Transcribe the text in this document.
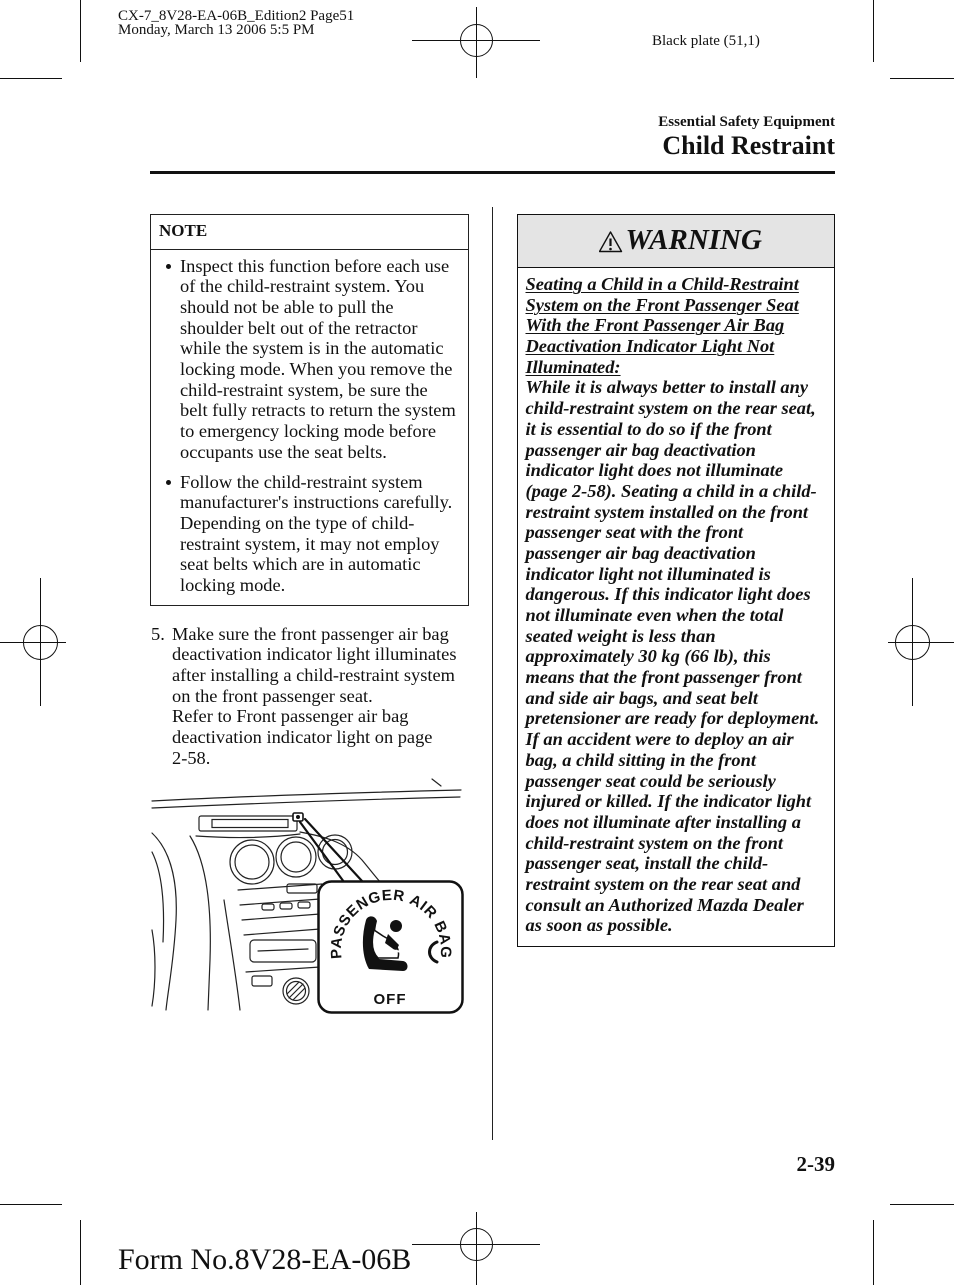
CX-7_8V28-EA-06B_Edition2 Page51
Monday, March 13 2006 5:5 PM
Black plate (51,1)
Essential Safety Equipment
Child Restraint
NOTE
Inspect this function before each use
of the child-restraint system. You
should not be able to pull the
shoulder belt out of the retractor
while the system is in the automatic
locking mode. When you remove the
child-restraint system, be sure the
belt fully retracts to return the system
to emergency locking mode before
occupants use the seat belts.
Follow the child-restraint system
manufacturer's instructions carefully.
Depending on the type of child-
restraint system, it may not employ
seat belts which are in automatic
locking mode.
5. Make sure the front passenger air bag
deactivation indicator light illuminates
after installing a child-restraint system
on the front passenger seat.
Refer to Front passenger air bag
deactivation indicator light on page
2-58.
PASSENGER AIR BAG
OFF
WARNING
Seating a Child in a Child-Restraint
System on the Front Passenger Seat
With the Front Passenger Air Bag
Deactivation Indicator Light Not
Illuminated:
While it is always better to install any
child-restraint system on the rear seat,
it is essential to do so if the front
passenger air bag deactivation
indicator light does not illuminate
(page 2-58). Seating a child in a child-
restraint system installed on the front
passenger seat with the front
passenger air bag deactivation
indicator light not illuminated is
dangerous. If this indicator light does
not illuminate even when the total
seated weight is less than
approximately 30 kg (66 lb), this
means that the front passenger front
and side air bags, and seat belt
pretensioner are ready for deployment.
If an accident were to deploy an air
bag, a child sitting in the front
passenger seat could be seriously
injured or killed. If the indicator light
does not illuminate after installing a
child-restraint system on the front
passenger seat, install the child-
restraint system on the rear seat and
consult an Authorized Mazda Dealer
as soon as possible.
2-39
Form No.8V28-EA-06B
